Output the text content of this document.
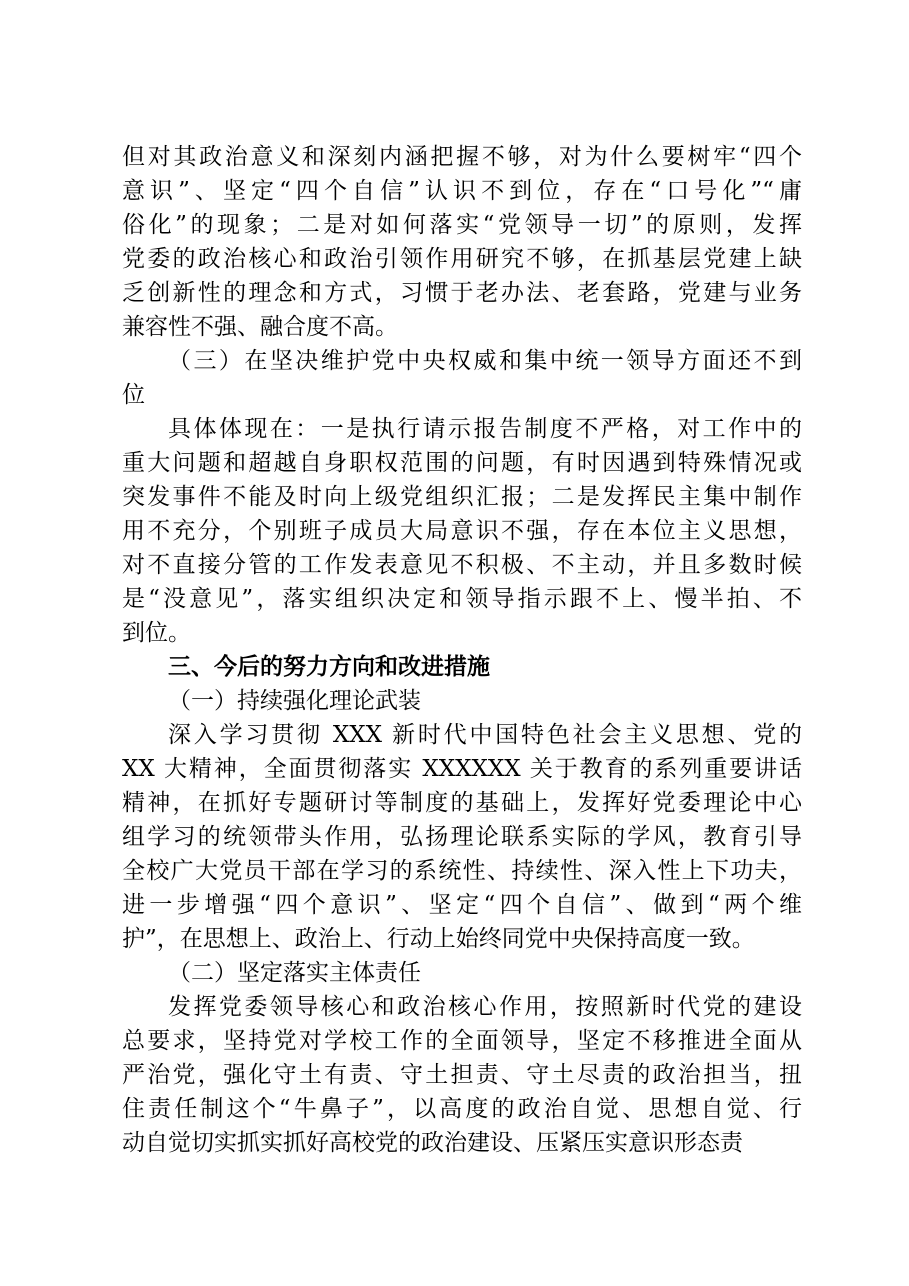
但对其政治意义和深刻内涵把握不够，对为什么要树牢“四个
意识”、坚定“四个自信”认识不到位，存在“口号化”“庸
俗化”的现象；二是对如何落实“党领导一切”的原则，发挥
党委的政治核心和政治引领作用研究不够，在抓基层党建上缺
乏创新性的理念和方式，习惯于老办法、老套路，党建与业务
兼容性不强、融合度不高。
（三）在坚决维护党中央权威和集中统一领导方面还不到
位
具体体现在：一是执行请示报告制度不严格，对工作中的
重大问题和超越自身职权范围的问题，有时因遇到特殊情况或
突发事件不能及时向上级党组织汇报；二是发挥民主集中制作
用不充分，个别班子成员大局意识不强，存在本位主义思想，
对不直接分管的工作发表意见不积极、不主动，并且多数时候
是“没意见”，落实组织决定和领导指示跟不上、慢半拍、不
到位。
三、今后的努力方向和改进措施
（一）持续强化理论武装
深入学习贯彻 XXX 新时代中国特色社会主义思想、党的
XX 大精神，全面贯彻落实 XXXXXX 关于教育的系列重要讲话
精神，在抓好专题研讨等制度的基础上，发挥好党委理论中心
组学习的统领带头作用，弘扬理论联系实际的学风，教育引导
全校广大党员干部在学习的系统性、持续性、深入性上下功夫，
进一步增强“四个意识”、坚定“四个自信”、做到“两个维
护”，在思想上、政治上、行动上始终同党中央保持高度一致。
（二）坚定落实主体责任
发挥党委领导核心和政治核心作用，按照新时代党的建设
总要求，坚持党对学校工作的全面领导，坚定不移推进全面从
严治党，强化守土有责、守土担责、守土尽责的政治担当，扭
住责任制这个“牛鼻子”，以高度的政治自觉、思想自觉、行
动自觉切实抓实抓好高校党的政治建设、压紧压实意识形态责
